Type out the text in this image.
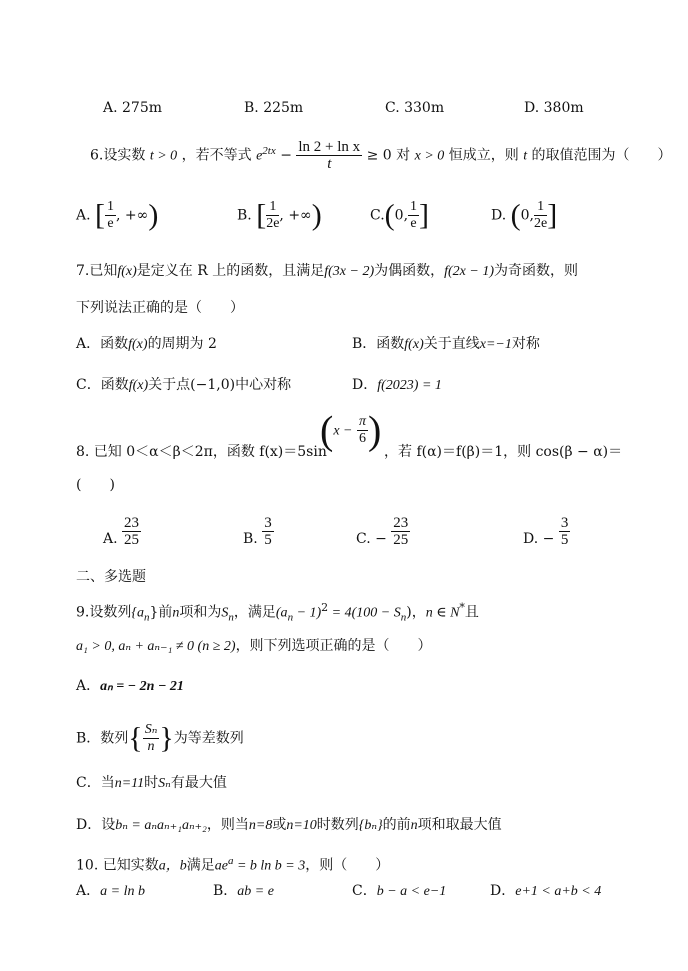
A. 275m	B. 225m	C. 330m	D. 380m
6.设实数 t > 0 ，若不等式 $e^{2tx} - \frac{\text{ln 2 + ln x}}{t} \ge 0$ 对 x > 0 恒成立，则 t 的取值范围为（　　）
A. [ $\frac{1}{e}$ , +∞)	B. [ $\frac{1}{2e}$ , +∞)	C.(0, $\frac{1}{e}$ ]	D. (0, $\frac{1}{2e}$ ]
7.已知f(x)是定义在 R 上的函数，且满足f(3x − 2)为偶函数，f(2x − 1)为奇函数，则
下列说法正确的是（　　）
A．函数f(x)的周期为 2	B．函数f(x)关于直线x=−1对称
C．函数f(x)关于点(−1,0)中心对称	D．f(2023) = 1
8. 已知 0＜α＜β＜2π，函数 f(x)＝5sin
($x - \frac{\pi}{6}$ ) ，若 f(α)＝f(β)＝1，则 cos(β − α)＝
(　　)
A. $\frac{23}{25}$	B. $\frac{3}{5}$	C. − $\frac{23}{25}$	D. − $\frac{3}{5}$
二、多选题
9.设数列$\{a_n\}$前n项和为$S_n$，满足$(a_n - 1)^2 = 4(100 - S_n)$，n ∈ N*且
a₁ > 0, aₙ + aₙ₋₁ ≠ 0 (n ≥ 2)，则下列选项正确的是（　　）
A．aₙ = − 2n − 21
B．数列{ $\frac{\text{Sₙ}}{n}$ }为等差数列
C．当n=11时Sₙ有最大值
D．设bₙ = aₙaₙ₊₁aₙ₊₂，则当n=8或n=10时数列{bₙ}的前n项和取最大值
10. 已知实数a，b满足$ae^a = b$ ln b = 3，则（　　）
A．a = ln b	B．ab = e	C．b − a < e−1	D．e+1 < a+b < 4
